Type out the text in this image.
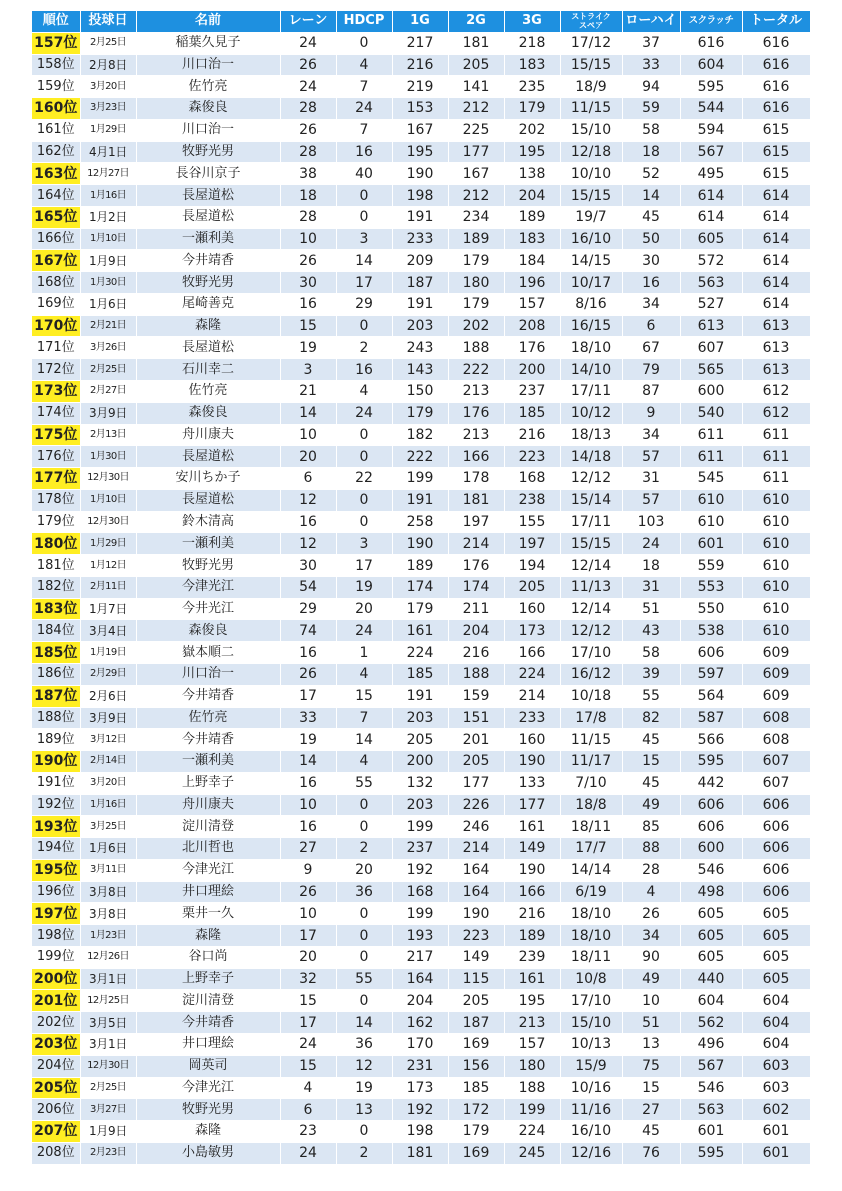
順位	投球日	名前	レーン	HDCP	1G	2G	3G	ストライク
スペア	ローハイ	スクラッチ	トータル
157位	2月25日	稲葉久見子	24	0	217	181	218	17/12	37	616	616
158位	2月8日	川口治一	26	4	216	205	183	15/15	33	604	616
159位	3月20日	佐竹亮	24	7	219	141	235	18/9	94	595	616
160位	3月23日	森俊良	28	24	153	212	179	11/15	59	544	616
161位	1月29日	川口治一	26	7	167	225	202	15/10	58	594	615
162位	4月1日	牧野光男	28	16	195	177	195	12/18	18	567	615
163位	12月27日	長谷川京子	38	40	190	167	138	10/10	52	495	615
164位	1月16日	長屋道松	18	0	198	212	204	15/15	14	614	614
165位	1月2日	長屋道松	28	0	191	234	189	19/7	45	614	614
166位	1月10日	一瀬利美	10	3	233	189	183	16/10	50	605	614
167位	1月9日	今井靖香	26	14	209	179	184	14/15	30	572	614
168位	1月30日	牧野光男	30	17	187	180	196	10/17	16	563	614
169位	1月6日	尾崎善克	16	29	191	179	157	8/16	34	527	614
170位	2月21日	森隆	15	0	203	202	208	16/15	6	613	613
171位	3月26日	長屋道松	19	2	243	188	176	18/10	67	607	613
172位	2月25日	石川幸二	3	16	143	222	200	14/10	79	565	613
173位	2月27日	佐竹亮	21	4	150	213	237	17/11	87	600	612
174位	3月9日	森俊良	14	24	179	176	185	10/12	9	540	612
175位	2月13日	舟川康夫	10	0	182	213	216	18/13	34	611	611
176位	1月30日	長屋道松	20	0	222	166	223	14/18	57	611	611
177位	12月30日	安川ちか子	6	22	199	178	168	12/12	31	545	611
178位	1月10日	長屋道松	12	0	191	181	238	15/14	57	610	610
179位	12月30日	鈴木清高	16	0	258	197	155	17/11	103	610	610
180位	1月29日	一瀬利美	12	3	190	214	197	15/15	24	601	610
181位	1月12日	牧野光男	30	17	189	176	194	12/14	18	559	610
182位	2月11日	今津光江	54	19	174	174	205	11/13	31	553	610
183位	1月7日	今井光江	29	20	179	211	160	12/14	51	550	610
184位	3月4日	森俊良	74	24	161	204	173	12/12	43	538	610
185位	1月19日	嶽本順二	16	1	224	216	166	17/10	58	606	609
186位	2月29日	川口治一	26	4	185	188	224	16/12	39	597	609
187位	2月6日	今井靖香	17	15	191	159	214	10/18	55	564	609
188位	3月9日	佐竹亮	33	7	203	151	233	17/8	82	587	608
189位	3月12日	今井靖香	19	14	205	201	160	11/15	45	566	608
190位	2月14日	一瀬利美	14	4	200	205	190	11/17	15	595	607
191位	3月20日	上野幸子	16	55	132	177	133	7/10	45	442	607
192位	1月16日	舟川康夫	10	0	203	226	177	18/8	49	606	606
193位	3月25日	淀川清登	16	0	199	246	161	18/11	85	606	606
194位	1月6日	北川哲也	27	2	237	214	149	17/7	88	600	606
195位	3月11日	今津光江	9	20	192	164	190	14/14	28	546	606
196位	3月8日	井口理絵	26	36	168	164	166	6/19	4	498	606
197位	3月8日	栗井一久	10	0	199	190	216	18/10	26	605	605
198位	1月23日	森隆	17	0	193	223	189	18/10	34	605	605
199位	12月26日	谷口尚	20	0	217	149	239	18/11	90	605	605
200位	3月1日	上野幸子	32	55	164	115	161	10/8	49	440	605
201位	12月25日	淀川清登	15	0	204	205	195	17/10	10	604	604
202位	3月5日	今井靖香	17	14	162	187	213	15/10	51	562	604
203位	3月1日	井口理絵	24	36	170	169	157	10/13	13	496	604
204位	12月30日	岡英司	15	12	231	156	180	15/9	75	567	603
205位	2月25日	今津光江	4	19	173	185	188	10/16	15	546	603
206位	3月27日	牧野光男	6	13	192	172	199	11/16	27	563	602
207位	1月9日	森隆	23	0	198	179	224	16/10	45	601	601
208位	2月23日	小島敏男	24	2	181	169	245	12/16	76	595	601
